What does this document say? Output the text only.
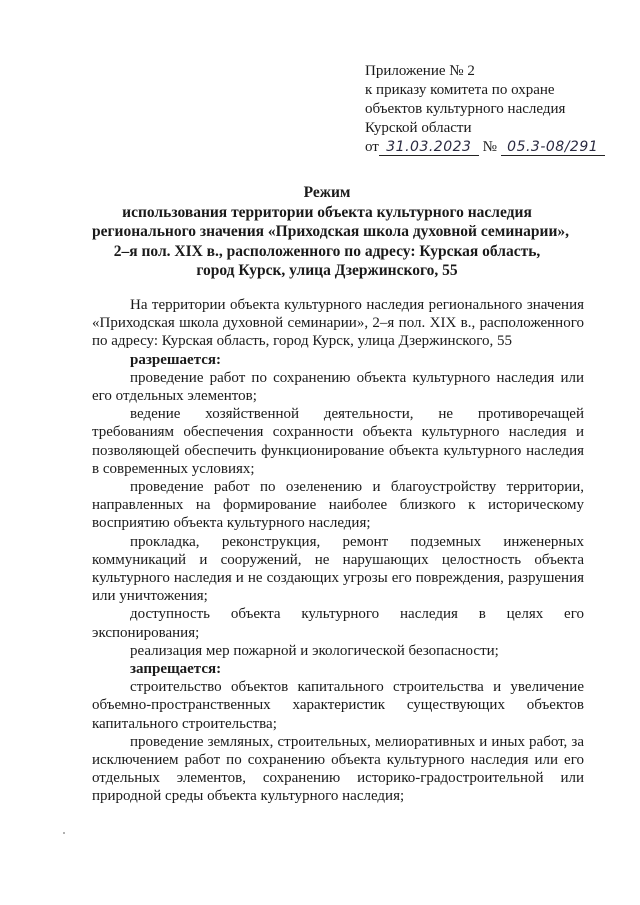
Приложение № 2
к приказу комитета по охране
объектов культурного наследия
Курской области
от 31.03.2023 № 05.3-08/291
Режим
использования территории объекта культурного наследия
регионального значения «Приходская школа духовной семинарии»,
2–я пол. XIX в., расположенного по адресу: Курская область,
город Курск, улица Дзержинского, 55

На территории объекта культурного наследия регионального значения «Приходская школа духовной семинарии», 2–я пол. XIX в., расположенного по адресу: Курская область, город Курск, улица Дзержинского, 55

разрешается:

проведение работ по сохранению объекта культурного наследия или его отдельных элементов;

ведение хозяйственной деятельности, не противоречащей требованиям обеспечения сохранности объекта культурного наследия и позволяющей обеспечить функционирование объекта культурного наследия в современных условиях;

проведение работ по озеленению и благоустройству территории, направленных на формирование наиболее близкого к историческому восприятию объекта культурного наследия;

прокладка, реконструкция, ремонт подземных инженерных коммуникаций и сооружений, не нарушающих целостность объекта культурного наследия и не создающих угрозы его повреждения, разрушения или уничтожения;

доступность объекта культурного наследия в целях его экспонирования;

реализация мер пожарной и экологической безопасности;

запрещается:

строительство объектов капитального строительства и увеличение объемно-пространственных характеристик существующих объектов капитального строительства;

проведение земляных, строительных, мелиоративных и иных работ, за исключением работ по сохранению объекта культурного наследия или его отдельных элементов, сохранению историко-градостроительной или природной среды объекта культурного наследия;
